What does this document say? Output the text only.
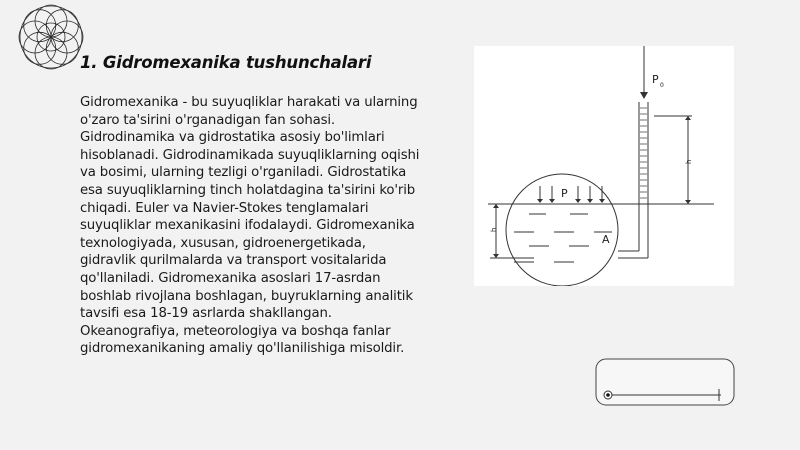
1. Gidromexanika tushunchalari

Gidromexanika - bu suyuqliklar harakati va ularning o'zaro ta'sirini o'rganadigan fan sohasi. Gidrodinamika va gidrostatika asosiy bo'limlari hisoblanadi. Gidrodinamikada suyuqliklarning oqishi va bosimi, ularning tezligi o'rganiladi. Gidrostatika esa suyuqliklarning tinch holatdagina ta'sirini ko'rib chiqadi. Euler va Navier-Stokes tenglamalari suyuqliklar mexanikasini ifodalaydi. Gidromexanika texnologiyada, xususan, gidroenergetikada, gidravlik qurilmalarda va transport vositalarida qo'llaniladi. Gidromexanika asoslari 17-asrdan boshlab rivojlana boshlagan, buyruklarning analitik tavsifi esa 18-19 asrlarda shakllangan. Okeanografiya, meteorologiya va boshqa fanlar gidromexanikaning amaliy qo'llanilishiga misoldir.

P 0
P
A
h
h
